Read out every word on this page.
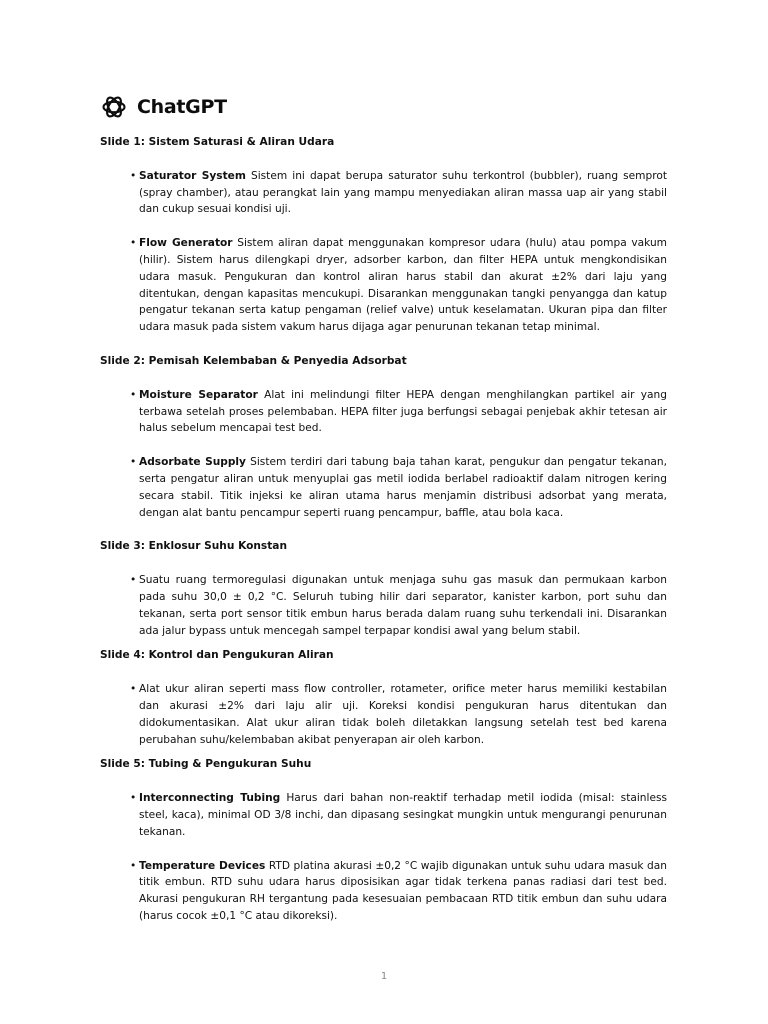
ChatGPT

Slide 1: Sistem Saturasi & Aliran Udara

• Saturator System Sistem ini dapat berupa saturator suhu terkontrol (bubbler), ruang semprot (spray chamber), atau perangkat lain yang mampu menyediakan aliran massa uap air yang stabil dan cukup sesuai kondisi uji.
• Flow Generator Sistem aliran dapat menggunakan kompresor udara (hulu) atau pompa vakum (hilir). Sistem harus dilengkapi dryer, adsorber karbon, dan filter HEPA untuk mengkondisikan udara masuk. Pengukuran dan kontrol aliran harus stabil dan akurat ±2% dari laju yang ditentukan, dengan kapasitas mencukupi. Disarankan menggunakan tangki penyangga dan katup pengatur tekanan serta katup pengaman (relief valve) untuk keselamatan. Ukuran pipa dan filter udara masuk pada sistem vakum harus dijaga agar penurunan tekanan tetap minimal.

Slide 2: Pemisah Kelembaban & Penyedia Adsorbat

• Moisture Separator Alat ini melindungi filter HEPA dengan menghilangkan partikel air yang terbawa setelah proses pelembaban. HEPA filter juga berfungsi sebagai penjebak akhir tetesan air halus sebelum mencapai test bed.
• Adsorbate Supply Sistem terdiri dari tabung baja tahan karat, pengukur dan pengatur tekanan, serta pengatur aliran untuk menyuplai gas metil iodida berlabel radioaktif dalam nitrogen kering secara stabil. Titik injeksi ke aliran utama harus menjamin distribusi adsorbat yang merata, dengan alat bantu pencampur seperti ruang pencampur, baffle, atau bola kaca.

Slide 3: Enklosur Suhu Konstan

• Suatu ruang termoregulasi digunakan untuk menjaga suhu gas masuk dan permukaan karbon pada suhu 30,0 ± 0,2 °C. Seluruh tubing hilir dari separator, kanister karbon, port suhu dan tekanan, serta port sensor titik embun harus berada dalam ruang suhu terkendali ini. Disarankan ada jalur bypass untuk mencegah sampel terpapar kondisi awal yang belum stabil.

Slide 4: Kontrol dan Pengukuran Aliran

• Alat ukur aliran seperti mass flow controller, rotameter, orifice meter harus memiliki kestabilan dan akurasi ±2% dari laju alir uji. Koreksi kondisi pengukuran harus ditentukan dan didokumentasikan. Alat ukur aliran tidak boleh diletakkan langsung setelah test bed karena perubahan suhu/kelembaban akibat penyerapan air oleh karbon.

Slide 5: Tubing & Pengukuran Suhu

• Interconnecting Tubing Harus dari bahan non-reaktif terhadap metil iodida (misal: stainless steel, kaca), minimal OD 3/8 inchi, dan dipasang sesingkat mungkin untuk mengurangi penurunan tekanan.
• Temperature Devices RTD platina akurasi ±0,2 °C wajib digunakan untuk suhu udara masuk dan titik embun. RTD suhu udara harus diposisikan agar tidak terkena panas radiasi dari test bed. Akurasi pengukuran RH tergantung pada kesesuaian pembacaan RTD titik embun dan suhu udara (harus cocok ±0,1 °C atau dikoreksi).
1
